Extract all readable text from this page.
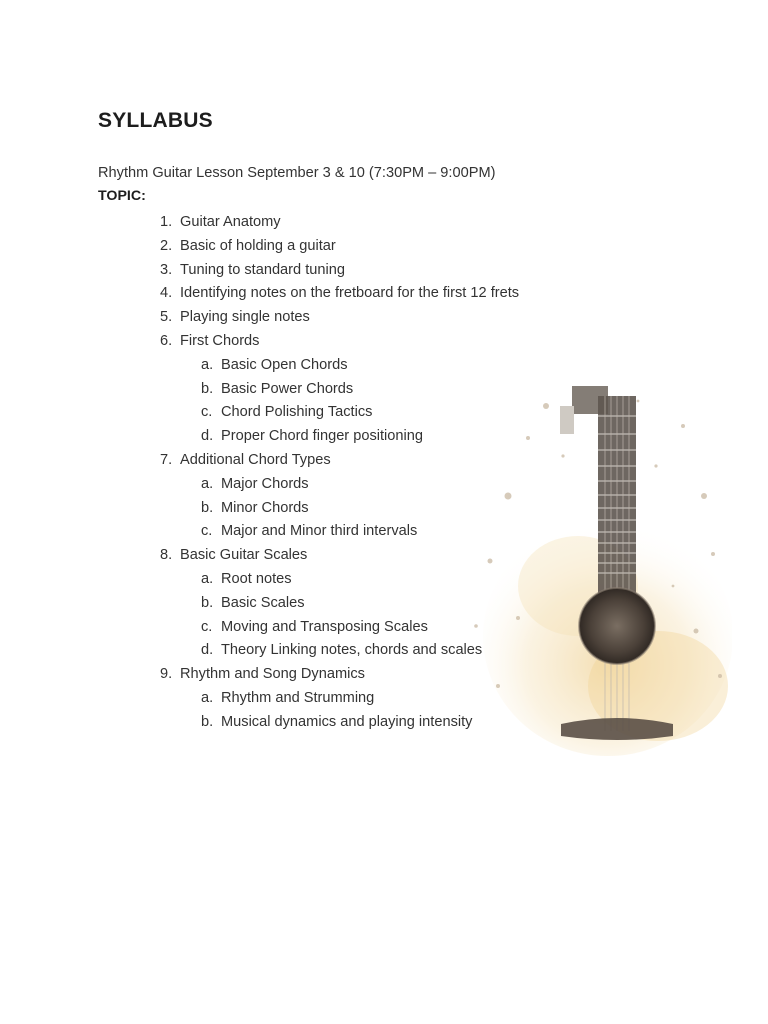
SYLLABUS
Rhythm Guitar Lesson September 3 & 10 (7:30PM – 9:00PM)
TOPIC:
1. Guitar Anatomy
2. Basic of holding a guitar
3. Tuning to standard tuning
4. Identifying notes on the fretboard for the first 12 frets
5. Playing single notes
6. First Chords
a. Basic Open Chords
b. Basic Power Chords
c. Chord Polishing Tactics
d. Proper Chord finger positioning
7. Additional Chord Types
a. Major Chords
b. Minor Chords
c. Major and Minor third intervals
8. Basic Guitar Scales
a. Root notes
b. Basic Scales
c. Moving and Transposing Scales
d. Theory Linking notes, chords and scales
9. Rhythm and Song Dynamics
a. Rhythm and Strumming
b. Musical dynamics and playing intensity
